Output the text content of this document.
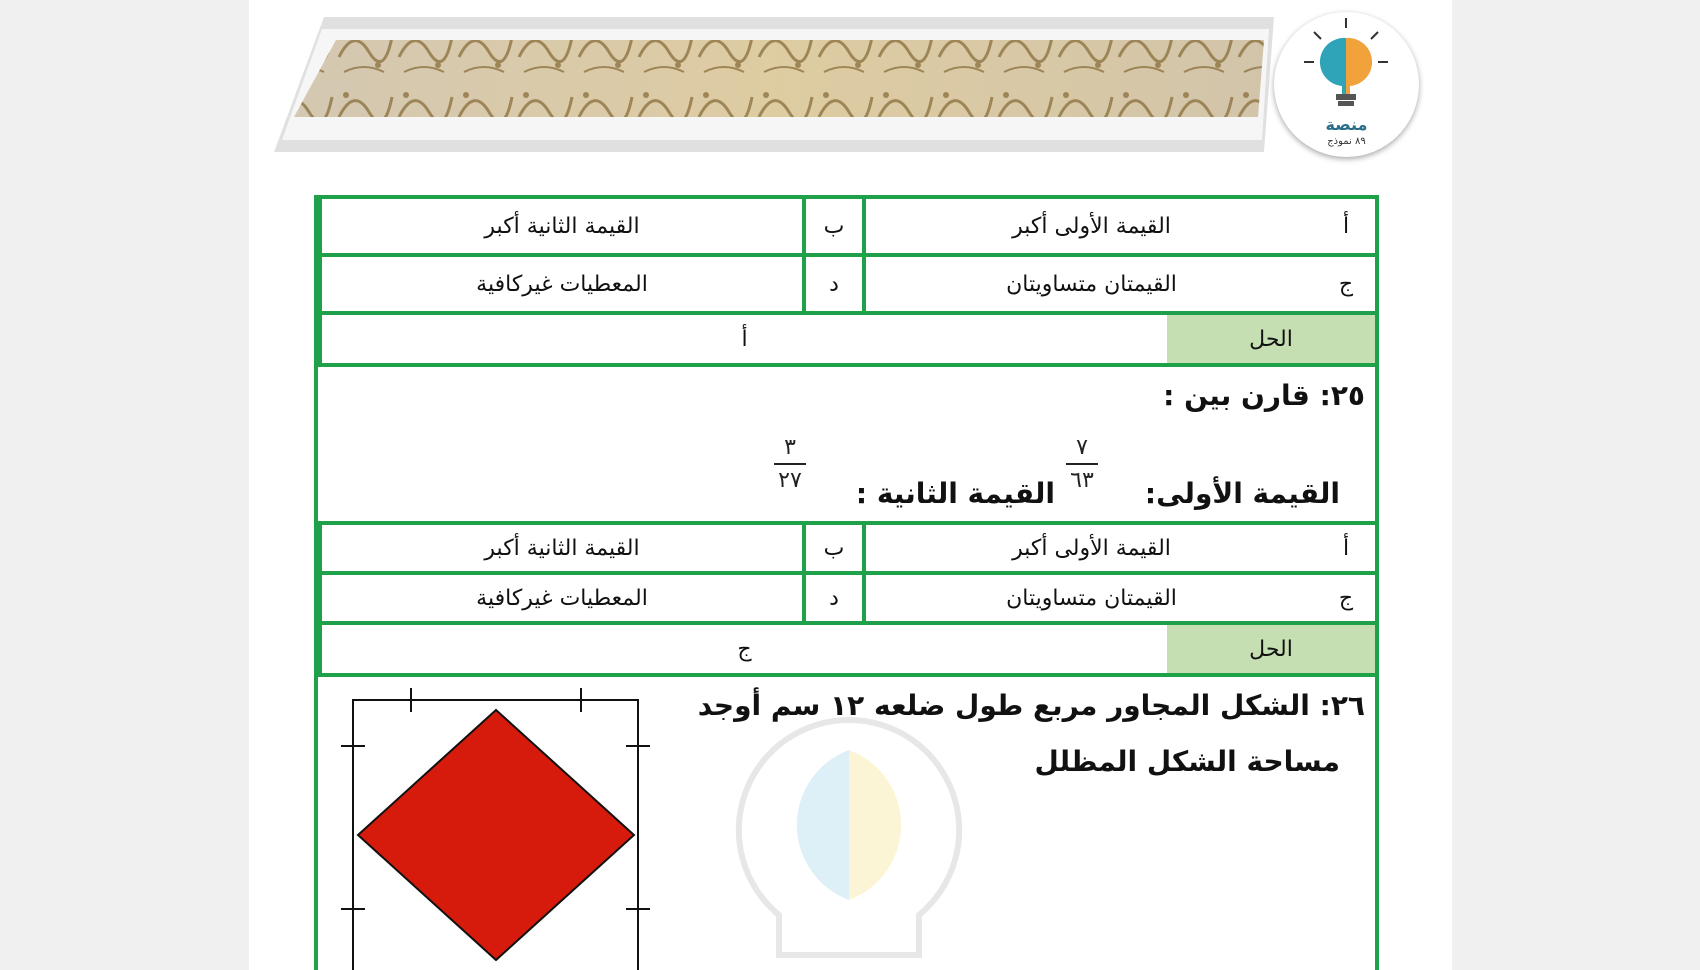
منصة
٨٩ نموذج
أ
القيمة الأولى أكبر
ب
القيمة الثانية أكبر
ج
القيمتان متساويتان
د
المعطيات غيركافية
الحل
أ
٢٥: قارن بين :
القيمة الأولى:
٧
٦٣
القيمة الثانية :
٣
٢٧
أ
القيمة الأولى أكبر
ب
القيمة الثانية أكبر
ج
القيمتان متساويتان
د
المعطيات غيركافية
الحل
ج
٢٦: الشكل المجاور مربع طول ضلعه ١٢ سم أوجد
مساحة الشكل المظلل
